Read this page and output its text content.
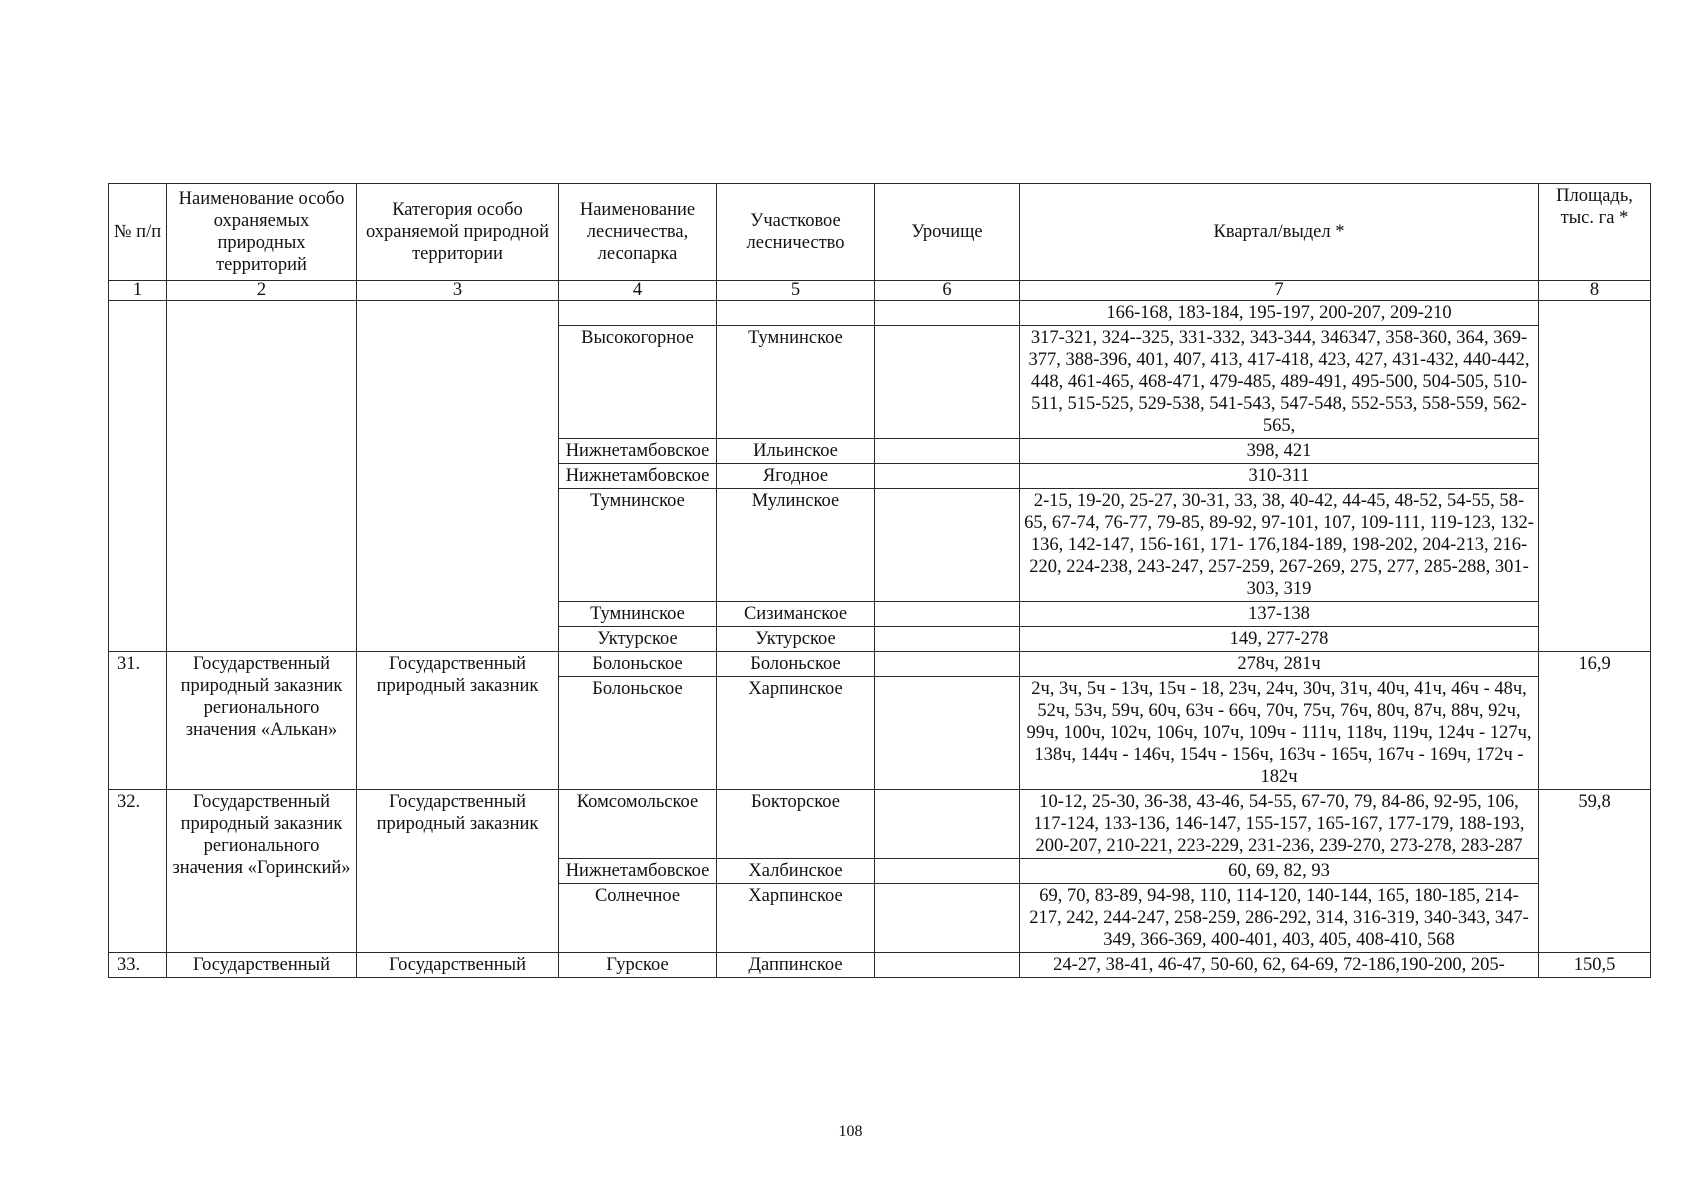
№ п/п	Наименование особо охраняемых природных территорий	Категория особо охраняемой природной территории	Наименование лесничества, лесопарка	Участковое лесничество	Урочище	Квартал/выдел *	Площадь, тыс. га *
1	2	3	4	5	6	7	8
						166-168, 183-184, 195-197, 200-207, 209-210	
			Высокогорное	Тумнинское		317-321, 324--325, 331-332, 343-344, 346347, 358-360, 364, 369-377, 388-396, 401, 407, 413, 417-418, 423, 427, 431-432, 440-442, 448, 461-465, 468-471, 479-485, 489-491, 495-500, 504-505, 510-511, 515-525, 529-538, 541-543, 547-548, 552-553, 558-559, 562-565,	
			Нижнетамбовское	Ильинское		398, 421	
			Нижнетамбовское	Ягодное		310-311	
			Тумнинское	Мулинское		2-15, 19-20, 25-27, 30-31, 33, 38, 40-42, 44-45, 48-52, 54-55, 58-65, 67-74, 76-77, 79-85, 89-92, 97-101, 107, 109-111, 119-123, 132-136, 142-147, 156-161, 171- 176,184-189, 198-202, 204-213, 216-220, 224-238, 243-247, 257-259, 267-269, 275, 277, 285-288, 301-303, 319	
			Тумнинское	Сизиманское		137-138	
			Уктурское	Уктурское		149, 277-278	
31.	Государственный природный заказник регионального значения «Алькан»	Государственный природный заказник	Болоньское	Болоньское		278ч, 281ч	16,9
			Болоньское	Харпинское		2ч, 3ч, 5ч - 13ч, 15ч - 18, 23ч, 24ч, 30ч, 31ч, 40ч, 41ч, 46ч - 48ч, 52ч, 53ч, 59ч, 60ч, 63ч - 66ч, 70ч, 75ч, 76ч, 80ч, 87ч, 88ч, 92ч, 99ч, 100ч, 102ч, 106ч, 107ч, 109ч - 111ч, 118ч, 119ч, 124ч - 127ч, 138ч, 144ч - 146ч, 154ч - 156ч, 163ч - 165ч, 167ч - 169ч, 172ч - 182ч	
32.	Государственный природный заказник регионального значения «Горинский»	Государственный природный заказник	Комсомольское	Бокторское		10-12, 25-30, 36-38, 43-46, 54-55, 67-70, 79, 84-86, 92-95, 106, 117-124, 133-136, 146-147, 155-157, 165-167, 177-179, 188-193, 200-207, 210-221, 223-229, 231-236, 239-270, 273-278, 283-287	59,8
			Нижнетамбовское	Халбинское		60, 69, 82, 93	
			Солнечное	Харпинское		69, 70, 83-89, 94-98, 110, 114-120, 140-144, 165, 180-185, 214-217, 242, 244-247, 258-259, 286-292, 314, 316-319, 340-343, 347-349, 366-369, 400-401, 403, 405, 408-410, 568	
33.	Государственный	Государственный	Гурское	Даппинское		24-27, 38-41, 46-47, 50-60, 62, 64-69, 72-186,190-200, 205-	150,5
108
